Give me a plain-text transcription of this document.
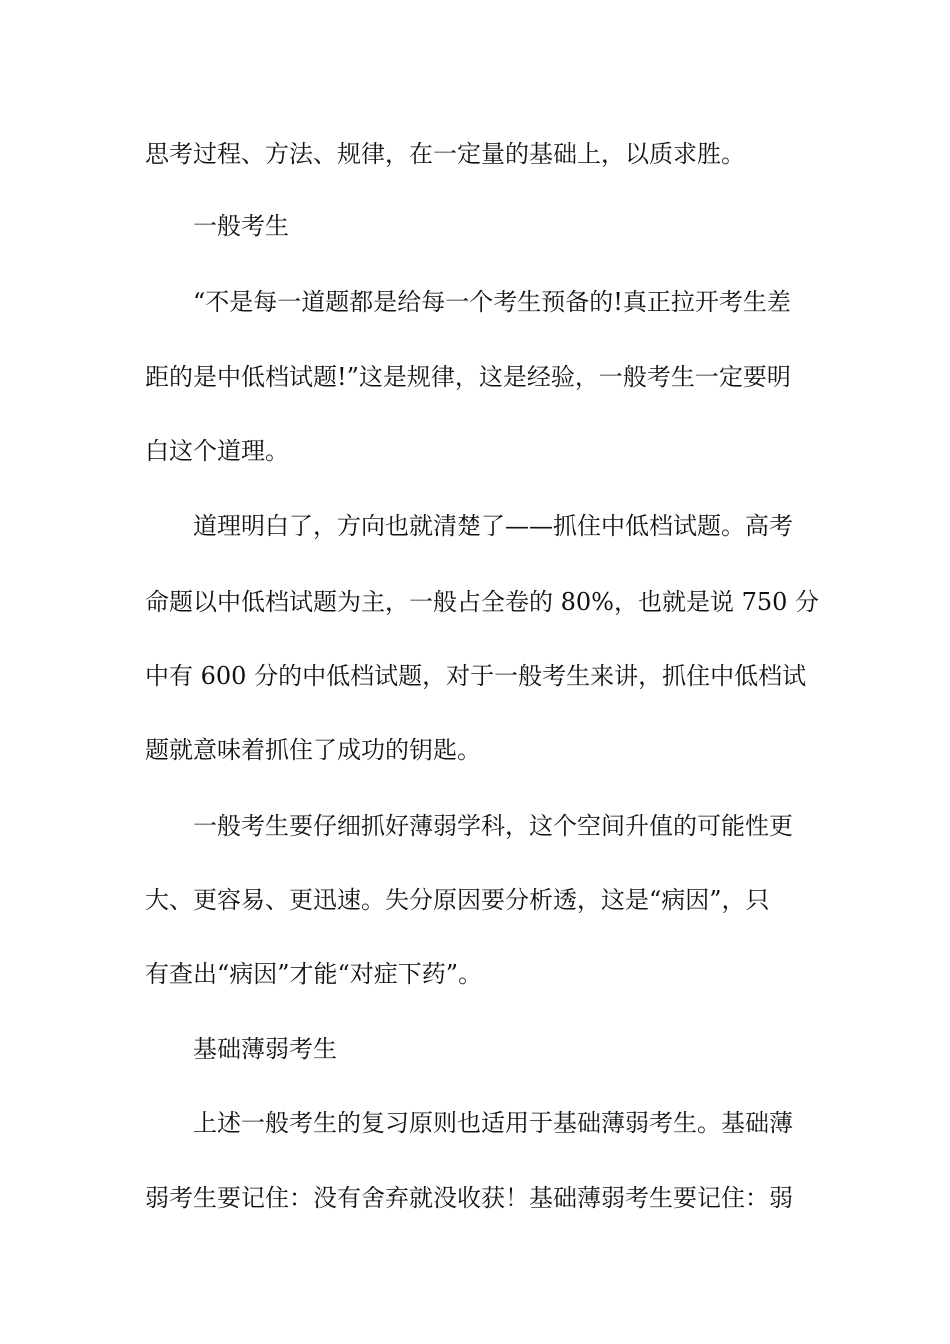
思考过程、方法、规律，在一定量的基础上，以质求胜。
一般考生
“不是每一道题都是给每一个考生预备的!真正拉开考生差
距的是中低档试题!”这是规律，这是经验，一般考生一定要明
白这个道理。
道理明白了，方向也就清楚了——抓住中低档试题。高考
命题以中低档试题为主，一般占全卷的 80%，也就是说 750 分
中有 600 分的中低档试题，对于一般考生来讲，抓住中低档试
题就意味着抓住了成功的钥匙。
一般考生要仔细抓好薄弱学科，这个空间升值的可能性更
大、更容易、更迅速。失分原因要分析透，这是“病因”，只
有查出“病因”才能“对症下药”。
基础薄弱考生
上述一般考生的复习原则也适用于基础薄弱考生。基础薄
弱考生要记住：没有舍弃就没收获！基础薄弱考生要记住：弱
